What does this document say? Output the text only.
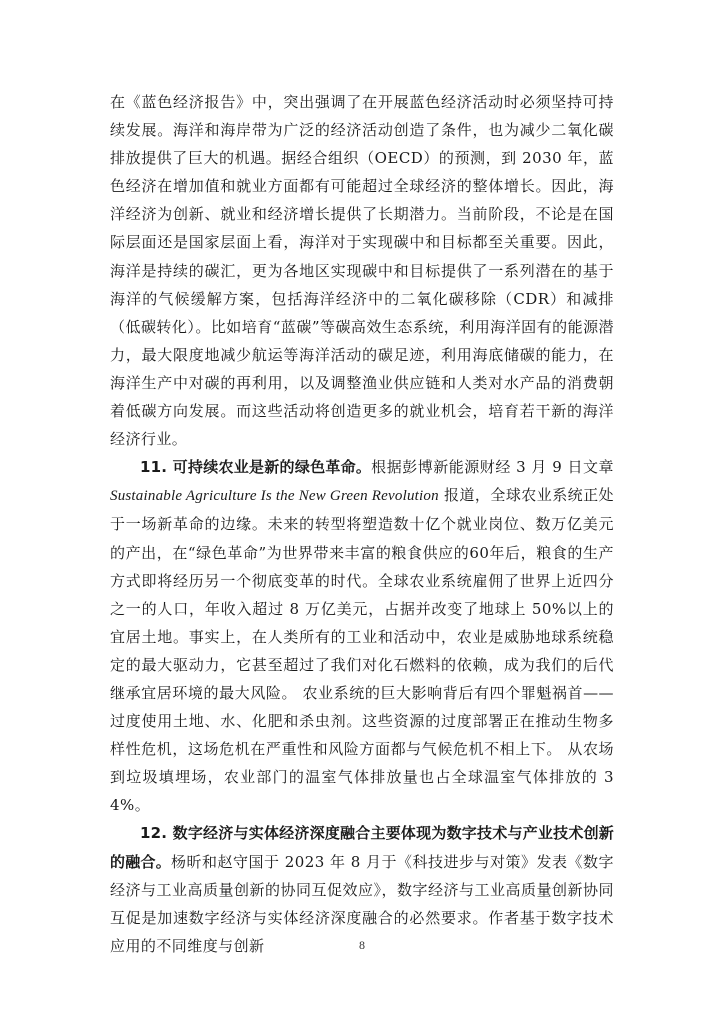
在《蓝色经济报告》中，突出强调了在开展蓝色经济活动时必须坚持可持续发展。海洋和海岸带为广泛的经济活动创造了条件，也为减少二氧化碳排放提供了巨大的机遇。据经合组织（OECD）的预测，到 2030 年，蓝色经济在增加值和就业方面都有可能超过全球经济的整体增长。因此，海洋经济为创新、就业和经济增长提供了长期潜力。当前阶段，不论是在国际层面还是国家层面上看，海洋对于实现碳中和目标都至关重要。因此，海洋是持续的碳汇，更为各地区实现碳中和目标提供了一系列潜在的基于海洋的气候缓解方案，包括海洋经济中的二氧化碳移除（CDR）和减排（低碳转化）。比如培育“蓝碳”等碳高效生态系统，利用海洋固有的能源潜力，最大限度地减少航运等海洋活动的碳足迹，利用海底储碳的能力，在海洋生产中对碳的再利用，以及调整渔业供应链和人类对水产品的消费朝着低碳方向发展。而这些活动将创造更多的就业机会，培育若干新的海洋经济行业。

11. 可持续农业是新的绿色革命。根据彭博新能源财经 3 月 9 日文章 Sustainable Agriculture Is the New Green Revolution 报道，全球农业系统正处于一场新革命的边缘。未来的转型将塑造数十亿个就业岗位、数万亿美元的产出，在“绿色革命”为世界带来丰富的粮食供应的60年后，粮食的生产方式即将经历另一个彻底变革的时代。全球农业系统雇佣了世界上近四分之一的人口，年收入超过 8 万亿美元，占据并改变了地球上 50%以上的宜居土地。事实上，在人类所有的工业和活动中，农业是威胁地球系统稳定的最大驱动力，它甚至超过了我们对化石燃料的依赖，成为我们的后代继承宜居环境的最大风险。 农业系统的巨大影响背后有四个罪魁祸首——过度使用土地、水、化肥和杀虫剂。这些资源的过度部署正在推动生物多样性危机，这场危机在严重性和风险方面都与气候危机不相上下。 从农场到垃圾填埋场，农业部门的温室气体排放量也占全球温室气体排放的 34%。

12. 数字经济与实体经济深度融合主要体现为数字技术与产业技术创新的融合。杨昕和赵守国于 2023 年 8 月于《科技进步与对策》发表《数字经济与工业高质量创新的协同互促效应》，数字经济与工业高质量创新协同互促是加速数字经济与实体经济深度融合的必然要求。作者基于数字技术应用的不同维度与创新	8
